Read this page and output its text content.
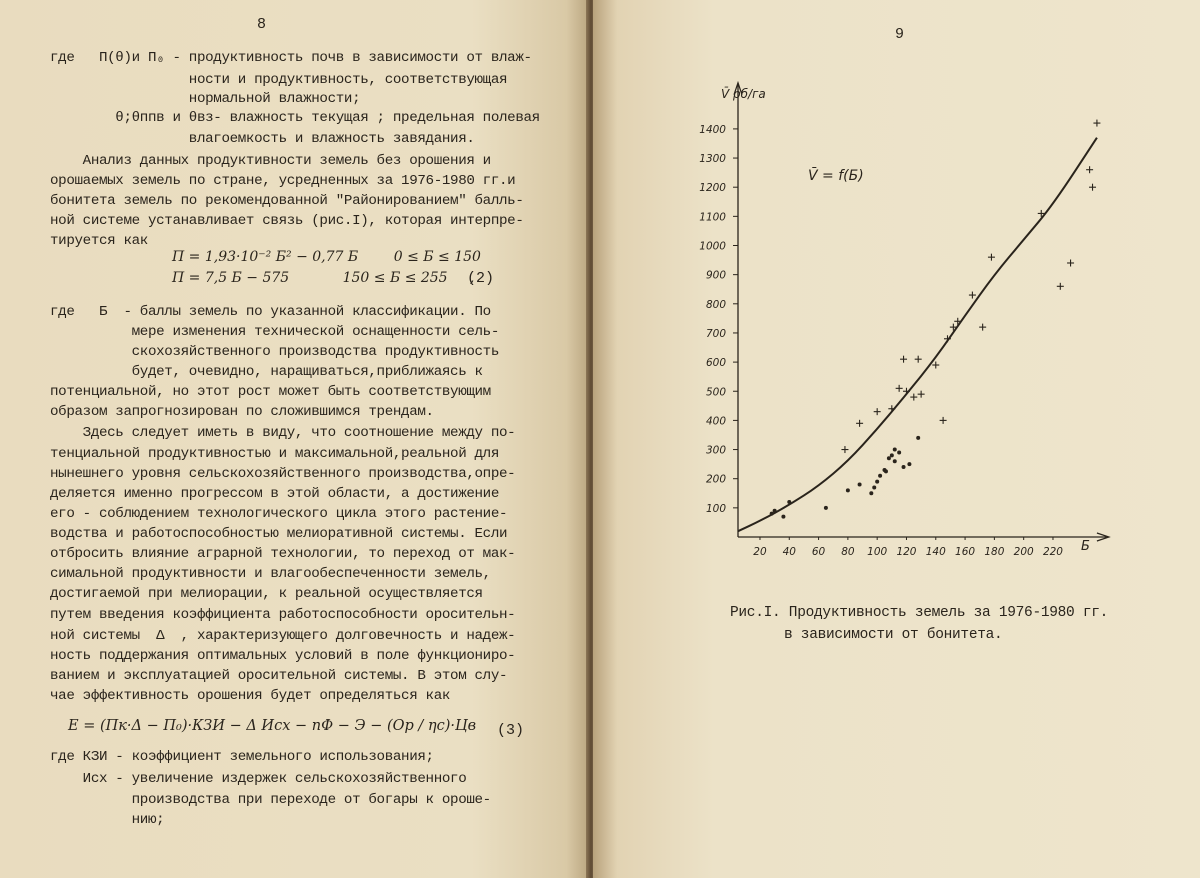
8
где   П(θ)и П₀ - продуктивность почв в зависимости от влаж-
ности и продуктивность, соответствующая
нормальной влажности;
θ;θппв и θвз- влажность текущая ; предельная полевая
влагоемкость и влажность завядания.
Анализ данных продуктивности земель без орошения и
орошаемых земель по стране, усредненных за 1976-1980 гг.и
бонитета земель по рекомендованной "Районированием" балль-
ной системе устанавливает связь (рис.I), которая интерпре-
тируется как
П = 1,93·10⁻² Б² − 0,77 Б        0 ≤ Б ≤ 150
П = 7,5 Б − 575            150 ≤ Б ≤ 255     ,
(2)
где   Б  - баллы земель по указанной классификации. По
мере изменения технической оснащенности сель-
скохозяйственного производства продуктивность
будет, очевидно, наращиваться,приближаясь к
потенциальной, но этот рост может быть соответствующим
образом запрогнозирован по сложившимся трендам.
Здесь следует иметь в виду, что соотношение между по-
тенциальной продуктивностью и максимальной,реальной для
нынешнего уровня сельскохозяйственного производства,опре-
деляется именно прогрессом в этой области, а достижение
его - соблюдением технологического цикла этого растение-
водства и работоспособностью мелиоративной системы. Если
отбросить влияние аграрной технологии, то переход от мак-
симальной продуктивности и влагообеспеченности земель,
достигаемой при мелиорации, к реальной осуществляется
путем введения коэффициента работоспособности оросительн-
ной системы  Δ  , характеризующего долговечность и надеж-
ность поддержания оптимальных условий в поле функциониро-
ванием и эксплуатацией оросительной системы. В этом слу-
чае эффективность орошения будет определяться как
E = (Пк·Δ − П₀)·КЗИ − Δ Исх − пФ − Э − (Op / ηc)·Цв (3)
где КЗИ - коэффициент земельного использования;
Исх - увеличение издержек сельскохозяйственного
производства при переходе от богары к ороше-
нию;
9
100
200
300
400
500
600
700
800
900
1000
1100
1200
1300
1400
20 40 60 80 100 120 140 160 180 200 220
V̄ рб/га
Б
V̄ = f(Б)
Рис.I. Продуктивность земель за 1976-1980 гг.
в зависимости от бонитета.
